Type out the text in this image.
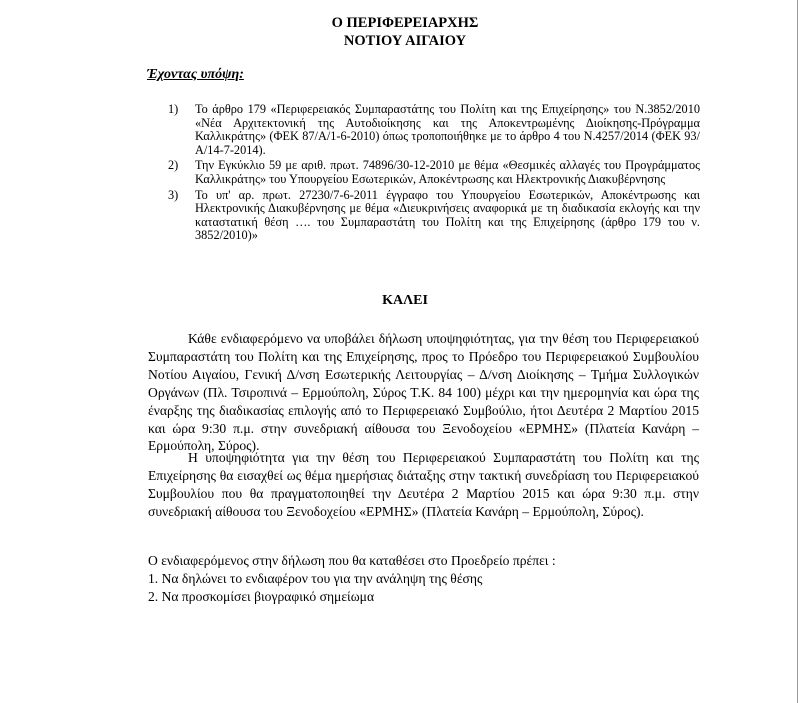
Ο ΠΕΡΙΦΕΡΕΙΑΡΧΗΣ
ΝΟΤΙΟΥ ΑΙΓΑΙΟΥ
Έχοντας υπόψη:
1) Το άρθρο 179 «Περιφερειακός Συμπαραστάτης του Πολίτη και της Επιχείρησης» του Ν.3852/2010 «Νέα Αρχιτεκτονική της Αυτοδιοίκησης και της Αποκεντρωμένης Διοίκησης-Πρόγραμμα Καλλικράτης» (ΦΕΚ 87/Α/1-6-2010) όπως τροποποιήθηκε με το άρθρο 4 του Ν.4257/2014 (ΦΕΚ 93/Α/14-7-2014).
2) Την Εγκύκλιο 59 με αριθ. πρωτ. 74896/30-12-2010 με θέμα «Θεσμικές αλλαγές του Προγράμματος Καλλικράτης» του Υπουργείου Εσωτερικών, Αποκέντρωσης και Ηλεκτρονικής Διακυβέρνησης
3) Το υπ' αρ. πρωτ. 27230/7-6-2011 έγγραφο του Υπουργείου Εσωτερικών, Αποκέντρωσης και Ηλεκτρονικής Διακυβέρνησης με θέμα «Διευκρινήσεις αναφορικά με τη διαδικασία εκλογής και την καταστατική θέση …. του Συμπαραστάτη του Πολίτη και της Επιχείρησης (άρθρο 179 του ν. 3852/2010)»
ΚΑΛΕΙ

Κάθε ενδιαφερόμενο να υποβάλει δήλωση υποψηφιότητας, για την θέση του Περιφερειακού Συμπαραστάτη του Πολίτη και της Επιχείρησης, προς το Πρόεδρο του Περιφερειακού Συμβουλίου Νοτίου Αιγαίου, Γενική Δ/νση Εσωτερικής Λειτουργίας – Δ/νση Διοίκησης – Τμήμα Συλλογικών Οργάνων (Πλ. Τσιροπινά – Ερμούπολη, Σύρος Τ.Κ. 84 100) μέχρι και την ημερομηνία και ώρα της έναρξης της διαδικασίας επιλογής από το Περιφερειακό Συμβούλιο, ήτοι Δευτέρα 2 Μαρτίου 2015 και ώρα 9:30 π.μ. στην συνεδριακή αίθουσα του Ξενοδοχείου «ΕΡΜΗΣ» (Πλατεία Κανάρη – Ερμούπολη, Σύρος).

Η υποψηφιότητα για την θέση του Περιφερειακού Συμπαραστάτη του Πολίτη και της Επιχείρησης θα εισαχθεί ως θέμα ημερήσιας διάταξης στην τακτική συνεδρίαση του Περιφερειακού Συμβουλίου που θα πραγματοποιηθεί την Δευτέρα 2 Μαρτίου 2015 και ώρα 9:30 π.μ. στην συνεδριακή αίθουσα του Ξενοδοχείου «ΕΡΜΗΣ» (Πλατεία Κανάρη – Ερμούπολη, Σύρος).

Ο ενδιαφερόμενος στην δήλωση που θα καταθέσει στο Προεδρείο πρέπει :

1. Να δηλώνει το ενδιαφέρον του για την ανάληψη της θέσης

2. Να προσκομίσει βιογραφικό σημείωμα
